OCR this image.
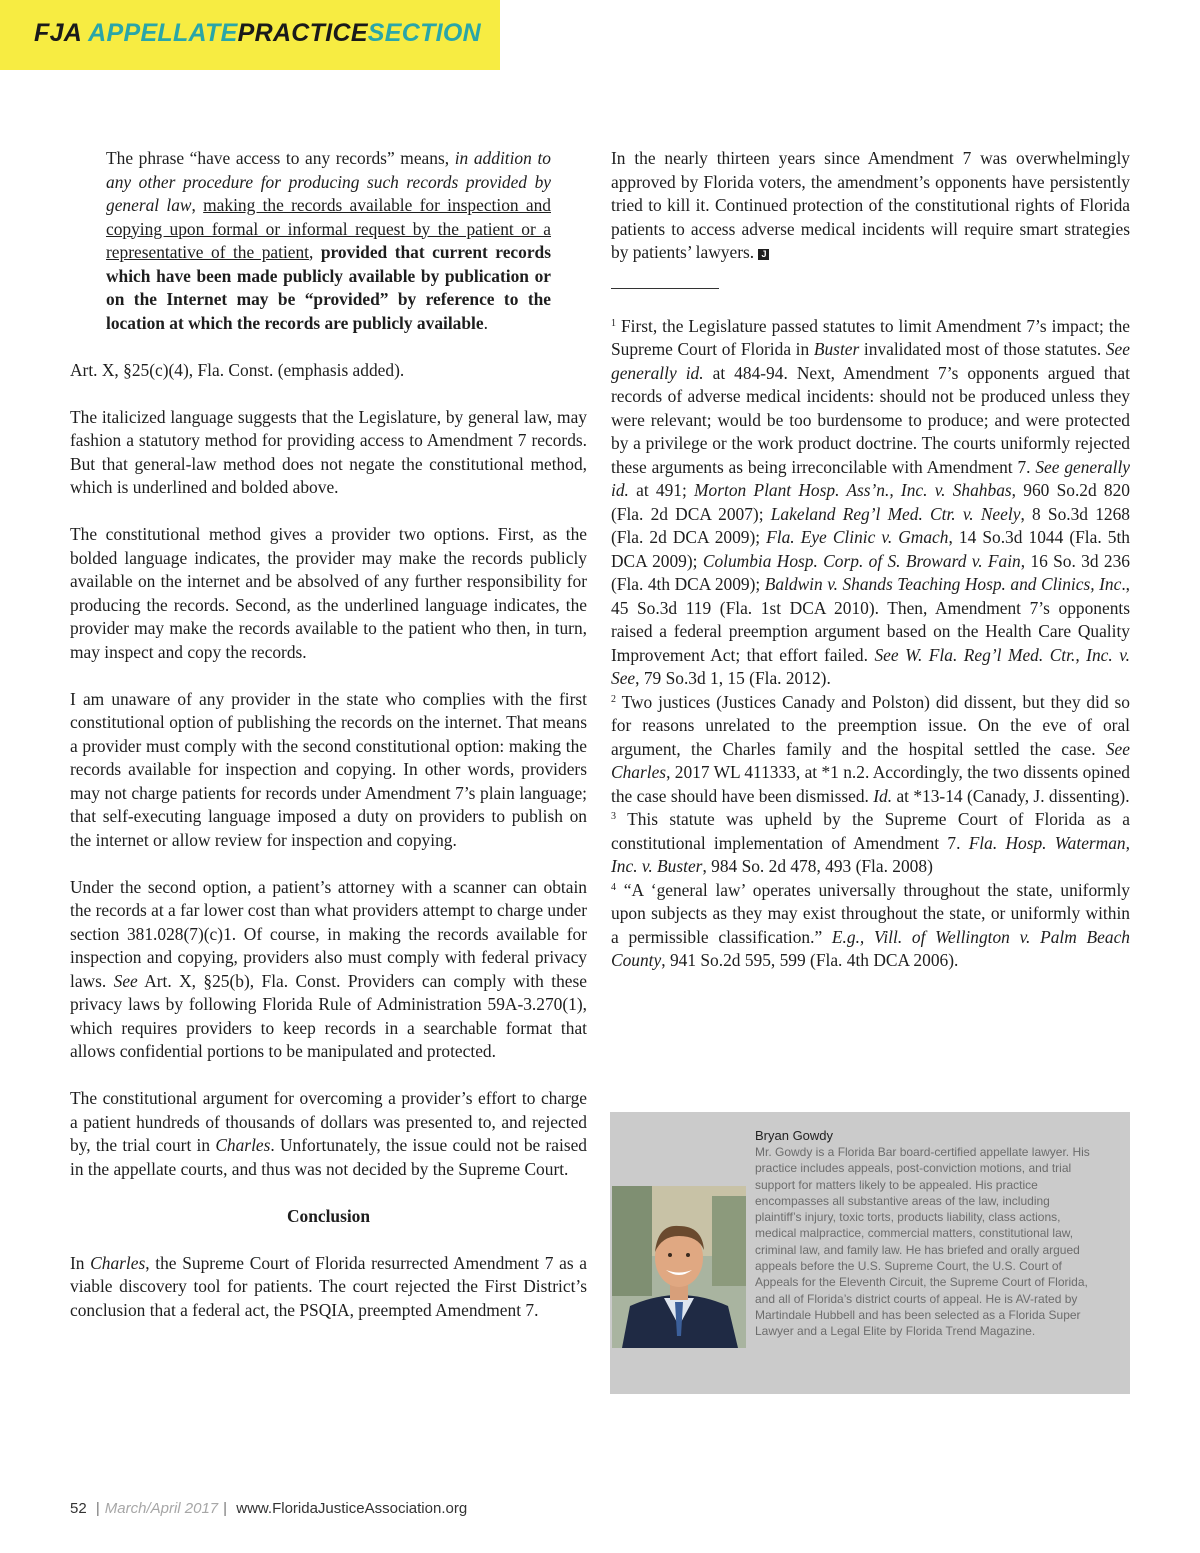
FJA APPELLATEPRACTICESECTION

The phrase “have access to any records” means, in addition to any other procedure for producing such records provided by general law, making the records available for inspection and copying upon formal or informal request by the patient or a representative of the patient, provided that current records which have been made publicly available by publication or on the Internet may be “provided” by reference to the location at which the records are publicly available.

Art. X, §25(c)(4), Fla. Const. (emphasis added).

The italicized language suggests that the Legislature, by general law, may fashion a statutory method for providing access to Amendment 7 records. But that general-law method does not negate the constitutional method, which is underlined and bolded above.

The constitutional method gives a provider two options. First, as the bolded language indicates, the provider may make the records publicly available on the internet and be absolved of any further responsibility for producing the records. Second, as the underlined language indicates, the provider may make the records available to the patient who then, in turn, may inspect and copy the records.

I am unaware of any provider in the state who complies with the first constitutional option of publishing the records on the internet. That means a provider must comply with the second constitutional option: making the records available for inspection and copying. In other words, providers may not charge patients for records under Amendment 7’s plain language; that self-executing language imposed a duty on providers to publish on the internet or allow review for inspection and copying.

Under the second option, a patient’s attorney with a scanner can obtain the records at a far lower cost than what providers attempt to charge under section 381.028(7)(c)1. Of course, in making the records available for inspection and copying, providers also must comply with federal privacy laws. See Art. X, §25(b), Fla. Const. Providers can comply with these privacy laws by following Florida Rule of Administration 59A-3.270(1), which requires providers to keep records in a searchable format that allows confidential portions to be manipulated and protected.

The constitutional argument for overcoming a provider’s effort to charge a patient hundreds of thousands of dollars was presented to, and rejected by, the trial court in Charles. Unfortunately, the issue could not be raised in the appellate courts, and thus was not decided by the Supreme Court.

Conclusion

In Charles, the Supreme Court of Florida resurrected Amendment 7 as a viable discovery tool for patients. The court rejected the First District’s conclusion that a federal act, the PSQIA, preempted Amendment 7.

In the nearly thirteen years since Amendment 7 was overwhelmingly approved by Florida voters, the amendment’s opponents have persistently tried to kill it. Continued protection of the constitutional rights of Florida patients to access adverse medical incidents will require smart strategies by patients’ lawyers. J

$^1$ First, the Legislature passed statutes to limit Amendment 7’s impact; the Supreme Court of Florida in Buster invalidated most of those statutes. See generally id. at 484-94. Next, Amendment 7’s opponents argued that records of adverse medical incidents: should not be produced unless they were relevant; would be too burdensome to produce; and were protected by a privilege or the work product doctrine. The courts uniformly rejected these arguments as being irreconcilable with Amendment 7. See generally id. at 491; Morton Plant Hosp. Ass’n., Inc. v. Shahbas, 960 So.2d 820 (Fla. 2d DCA 2007); Lakeland Reg’l Med. Ctr. v. Neely, 8 So.3d 1268 (Fla. 2d DCA 2009); Fla. Eye Clinic v. Gmach, 14 So.3d 1044 (Fla. 5th DCA 2009); Columbia Hosp. Corp. of S. Broward v. Fain, 16 So. 3d 236 (Fla. 4th DCA 2009); Baldwin v. Shands Teaching Hosp. and Clinics, Inc., 45 So.3d 119 (Fla. 1st DCA 2010). Then, Amendment 7’s opponents raised a federal preemption argument based on the Health Care Quality Improvement Act; that effort failed. See W. Fla. Reg’l Med. Ctr., Inc. v. See, 79 So.3d 1, 15 (Fla. 2012).

$^2$ Two justices (Justices Canady and Polston) did dissent, but they did so for reasons unrelated to the preemption issue. On the eve of oral argument, the Charles family and the hospital settled the case. See Charles, 2017 WL 411333, at *1 n.2. Accordingly, the two dissents opined the case should have been dismissed. Id. at *13-14 (Canady, J. dissenting).

$^3$ This statute was upheld by the Supreme Court of Florida as a constitutional implementation of Amendment 7. Fla. Hosp. Waterman, Inc. v. Buster, 984 So. 2d 478, 493 (Fla. 2008)

$^4$ “A ‘general law’ operates universally throughout the state, uniformly upon subjects as they may exist throughout the state, or uniformly within a permissible classification.” E.g., Vill. of Wellington v. Palm Beach County, 941 So.2d 595, 599 (Fla. 4th DCA 2006).

Bryan Gowdy

Mr. Gowdy is a Florida Bar board-certified appellate lawyer. His practice includes appeals, post-conviction motions, and trial support for matters likely to be appealed. His practice encompasses all substantive areas of the law, including plaintiff’s injury, toxic torts, products liability, class actions, medical malpractice, commercial matters, constitutional law, criminal law, and family law. He has briefed and orally argued appeals before the U.S. Supreme Court, the U.S. Court of Appeals for the Eleventh Circuit, the Supreme Court of Florida, and all of Florida’s district courts of appeal. He is AV-rated by Martindale Hubbell and has been selected as a Florida Super Lawyer and a Legal Elite by Florida Trend Magazine.

52 | March/April 2017 | www.FloridaJusticeAssociation.org
